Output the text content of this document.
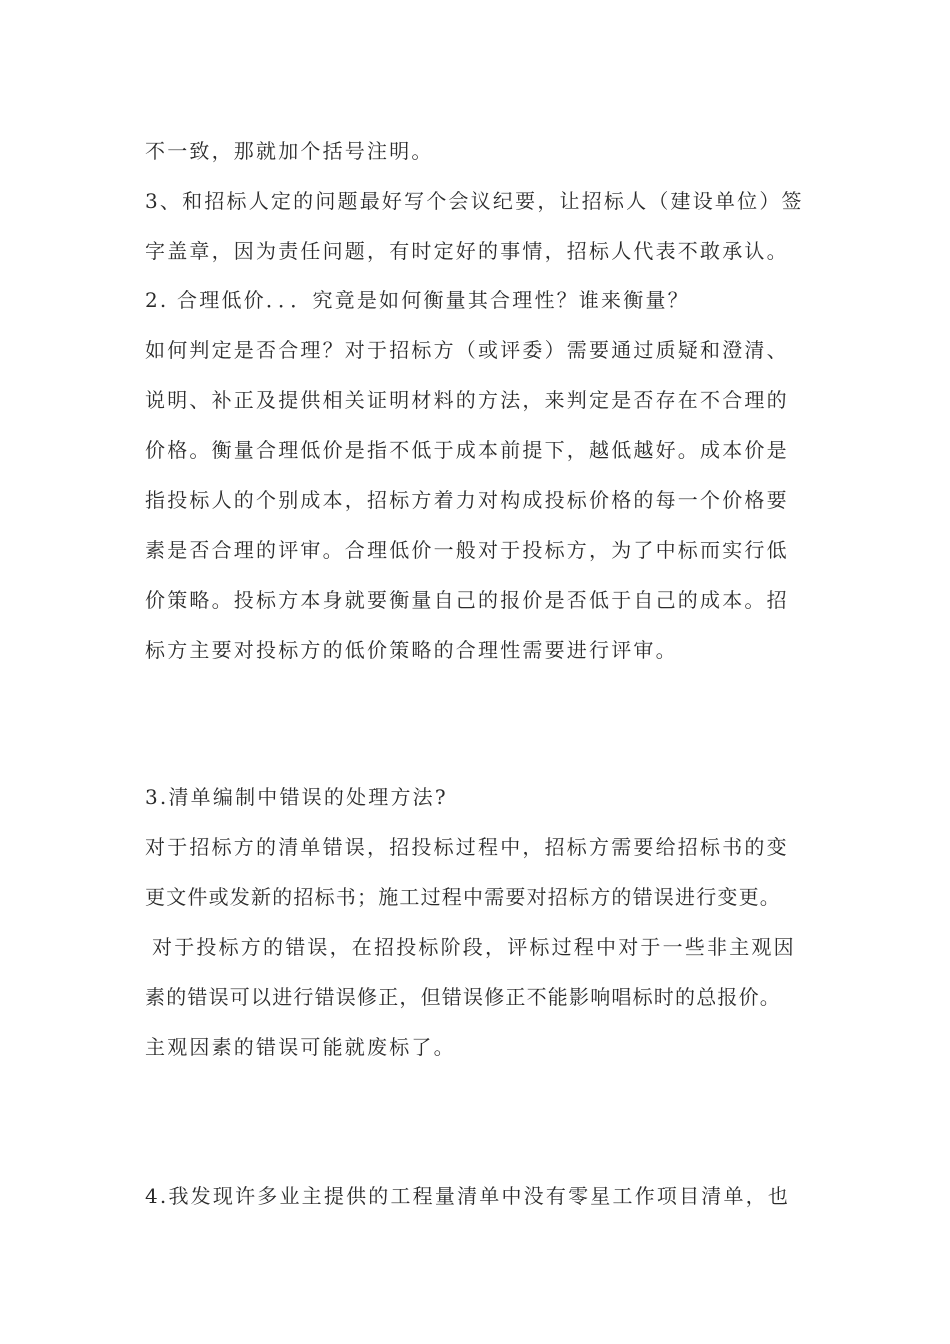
不一致，那就加个括号注明。
3、和招标人定的问题最好写个会议纪要，让招标人（建设单位）签
字盖章，因为责任问题，有时定好的事情，招标人代表不敢承认。
2. 合理低价．．．究竟是如何衡量其合理性？谁来衡量？
如何判定是否合理？对于招标方（或评委）需要通过质疑和澄清、
说明、补正及提供相关证明材料的方法，来判定是否存在不合理的
价格。衡量合理低价是指不低于成本前提下，越低越好。成本价是
指投标人的个别成本，招标方着力对构成投标价格的每一个价格要
素是否合理的评审。合理低价一般对于投标方，为了中标而实行低
价策略。投标方本身就要衡量自己的报价是否低于自己的成本。招
标方主要对投标方的低价策略的合理性需要进行评审。
3.清单编制中错误的处理方法?
对于招标方的清单错误，招投标过程中，招标方需要给招标书的变
更文件或发新的招标书；施工过程中需要对招标方的错误进行变更。
对于投标方的错误，在招投标阶段，评标过程中对于一些非主观因
素的错误可以进行错误修正，但错误修正不能影响唱标时的总报价。
主观因素的错误可能就废标了。
4.我发现许多业主提供的工程量清单中没有零星工作项目清单，也
